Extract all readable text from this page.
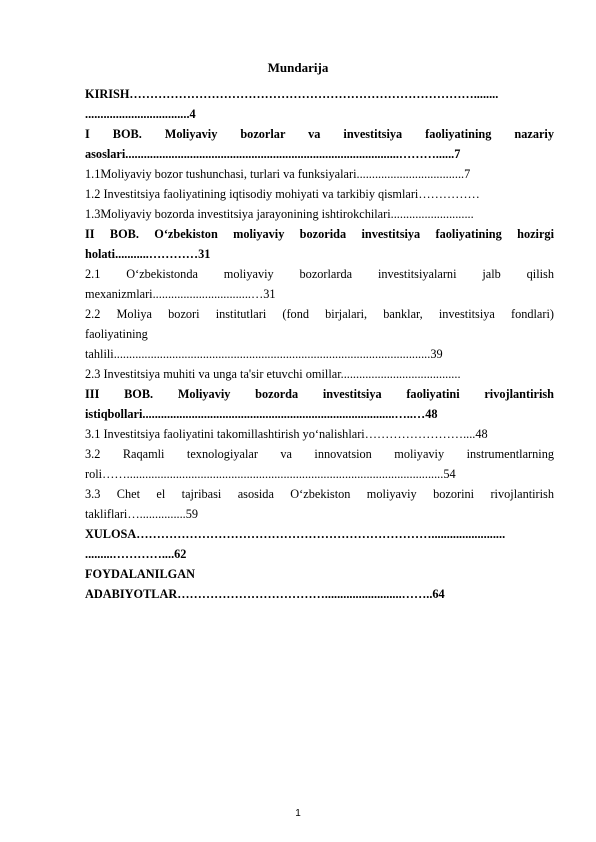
Mundarija
KIRISH…………………………………………………………………………........
..................................4
I BOB. Moliyaviy bozorlar va investitsiya faoliyatining nazariy
asoslari.........................................................................................………......7
1.1Moliyaviy bozor tushunchasi, turlari va funksiyalari...................................7
1.2 Investitsiya faoliyatining iqtisodiy mohiyati va tarkibiy qismlari……………
1.3Moliyaviy bozorda investitsiya jarayonining ishtirokchilari...........................
II BOB. O‘zbekiston moliyaviy bozorida investitsiya faoliyatining hozirgi
holati...........…………31
2.1 O‘zbekistonda moliyaviy bozorlarda investitsiyalarni jalb qilish
mexanizmlari................................…31
2.2 Moliya bozori institutlari (fond birjalari, banklar, investitsiya fondlari)
faoliyatining
tahlili.......................................................................................................39
2.3 Investitsiya muhiti va unga ta'sir etuvchi omillar.......................................
III BOB. Moliyaviy bozorda investitsiya faoliyatini rivojlantirish
istiqbollari..................................................................................…..…48
3.1 Investitsiya faoliyatini takomillashtirish yo‘nalishlari……………………....48
3.2 Raqamli texnologiyalar va innovatsion moliyaviy instrumentlarning
roli…….......................................................................................................54
3.3 Chet el tajribasi asosida O‘zbekiston moliyaviy bozorini rivojlantirish
takliflari…...............59
XULOSA………………………………………………………………........................
.........…………....62
FOYDALANILGAN
ADABIYOTLAR……………………………….........................……..64
1
